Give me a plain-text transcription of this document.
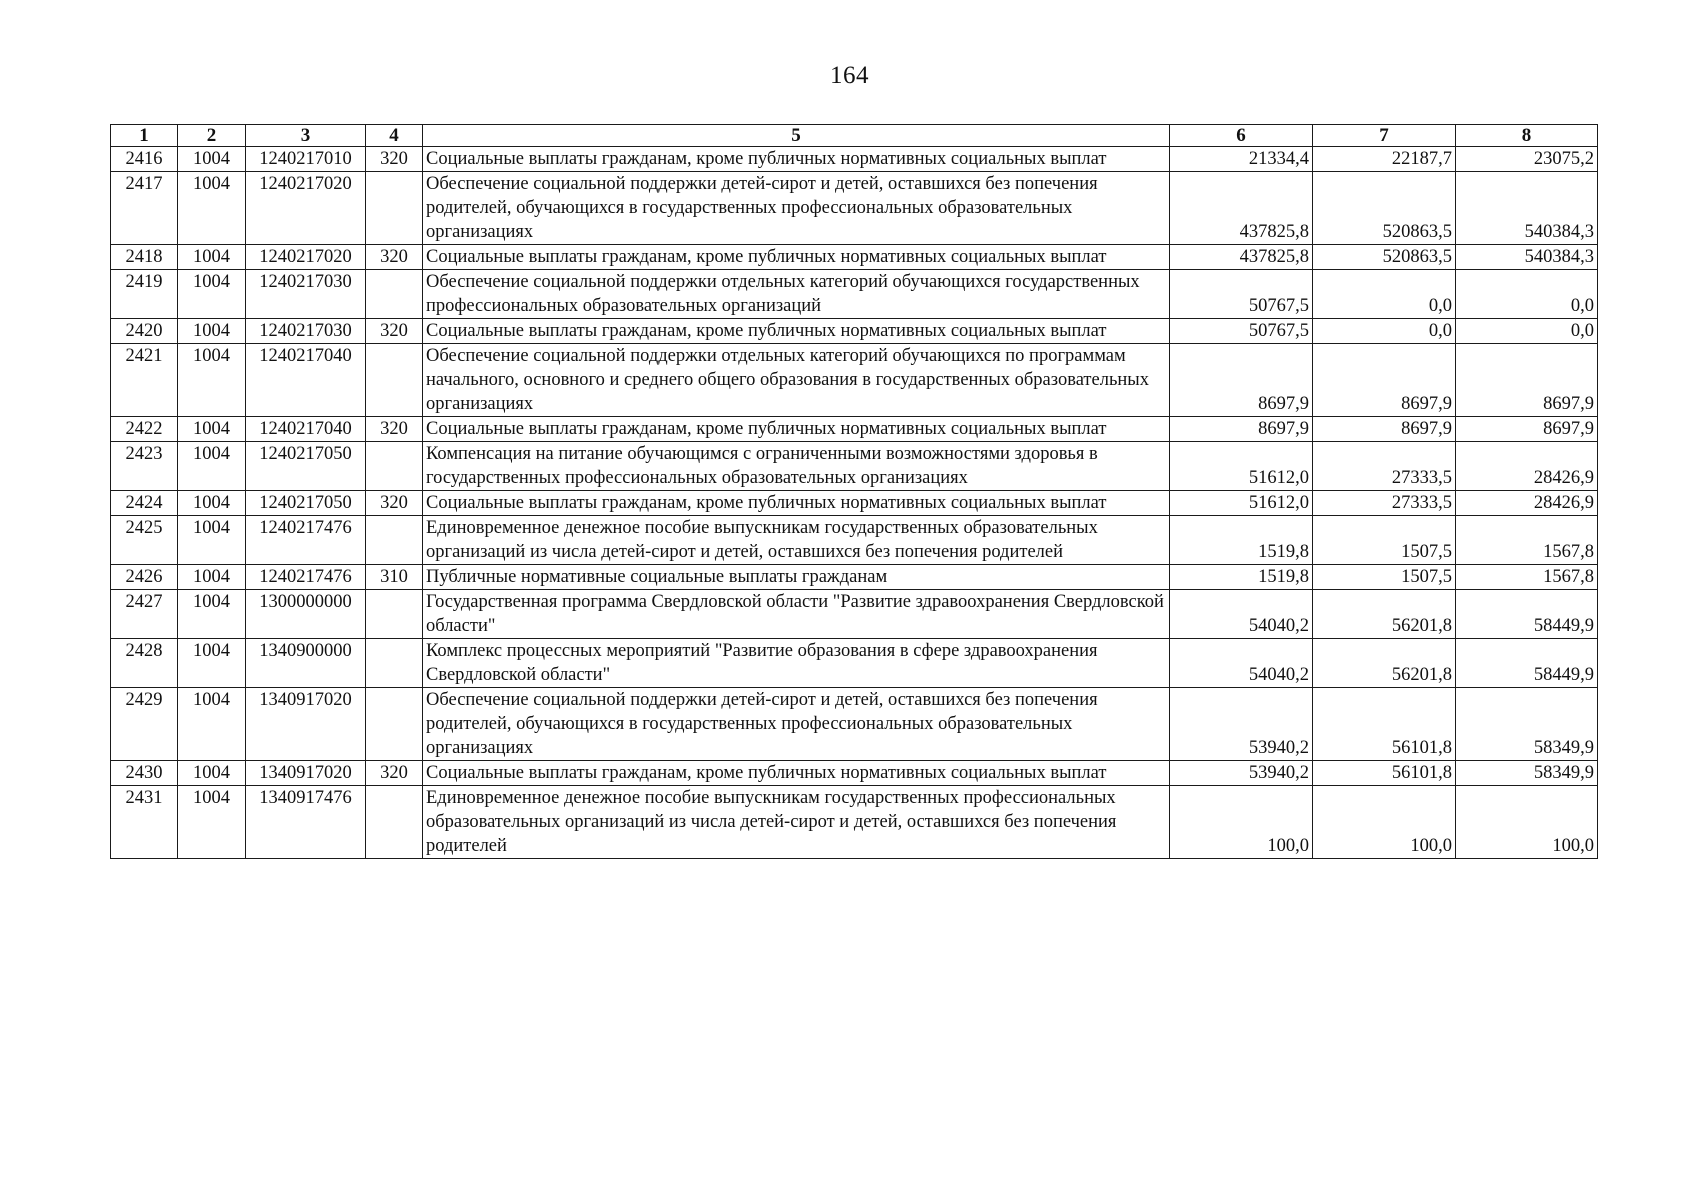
164
1	2	3	4	5	6	7	8
2416	1004	1240217010	320	Социальные выплаты гражданам, кроме публичных нормативных социальных выплат	21334,4	22187,7	23075,2
2417	1004	1240217020		Обеспечение социальной поддержки детей-сирот и детей, оставшихся без попечения родителей, обучающихся в государственных профессиональных образовательных организациях	437825,8	520863,5	540384,3
2418	1004	1240217020	320	Социальные выплаты гражданам, кроме публичных нормативных социальных выплат	437825,8	520863,5	540384,3
2419	1004	1240217030		Обеспечение социальной поддержки отдельных категорий обучающихся государственных профессиональных образовательных организаций	50767,5	0,0	0,0
2420	1004	1240217030	320	Социальные выплаты гражданам, кроме публичных нормативных социальных выплат	50767,5	0,0	0,0
2421	1004	1240217040		Обеспечение социальной поддержки отдельных категорий обучающихся по программам начального, основного и среднего общего образования в государственных образовательных организациях	8697,9	8697,9	8697,9
2422	1004	1240217040	320	Социальные выплаты гражданам, кроме публичных нормативных социальных выплат	8697,9	8697,9	8697,9
2423	1004	1240217050		Компенсация на питание обучающимся с ограниченными возможностями здоровья в государственных профессиональных образовательных организациях	51612,0	27333,5	28426,9
2424	1004	1240217050	320	Социальные выплаты гражданам, кроме публичных нормативных социальных выплат	51612,0	27333,5	28426,9
2425	1004	1240217476		Единовременное денежное пособие выпускникам государственных образовательных организаций из числа детей-сирот и детей, оставшихся без попечения родителей	1519,8	1507,5	1567,8
2426	1004	1240217476	310	Публичные нормативные социальные выплаты гражданам	1519,8	1507,5	1567,8
2427	1004	1300000000		Государственная программа Свердловской области "Развитие здравоохранения Свердловской области"	54040,2	56201,8	58449,9
2428	1004	1340900000		Комплекс процессных мероприятий "Развитие образования в сфере здравоохранения Свердловской области"	54040,2	56201,8	58449,9
2429	1004	1340917020		Обеспечение социальной поддержки детей-сирот и детей, оставшихся без попечения родителей, обучающихся в государственных профессиональных образовательных организациях	53940,2	56101,8	58349,9
2430	1004	1340917020	320	Социальные выплаты гражданам, кроме публичных нормативных социальных выплат	53940,2	56101,8	58349,9
2431	1004	1340917476		Единовременное денежное пособие выпускникам государственных профессиональных образовательных организаций из числа детей-сирот и детей, оставшихся без попечения родителей	100,0	100,0	100,0
